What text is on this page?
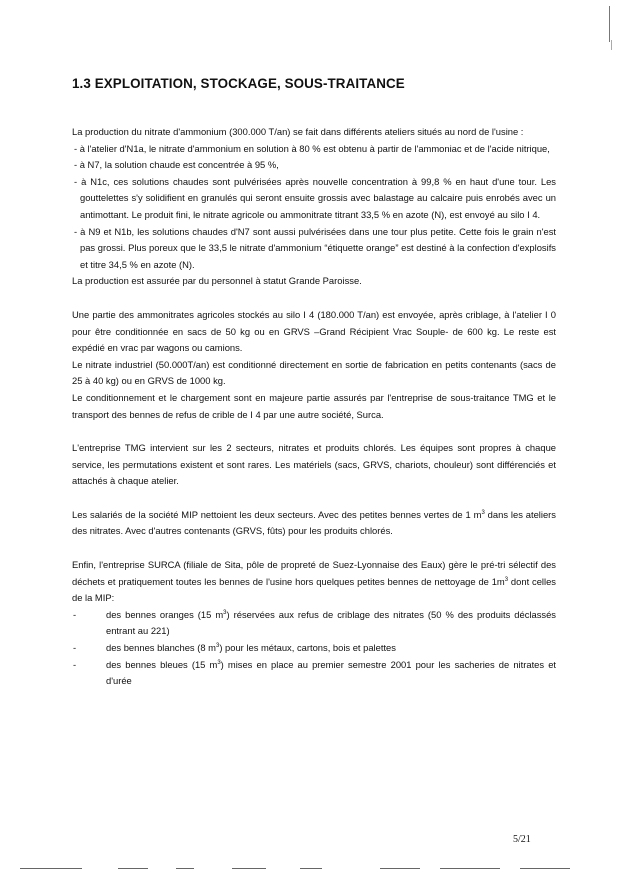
1.3 EXPLOITATION, STOCKAGE, SOUS-TRAITANCE

La production du nitrate d'ammonium (300.000 T/an) se fait dans différents ateliers situés au nord de l'usine :

- à l'atelier d'N1a, le nitrate d'ammonium en solution à 80 % est obtenu à partir de l'ammoniac et de l'acide nitrique,

- à N7, la solution chaude est concentrée à 95 %,

- à N1c, ces solutions chaudes sont pulvérisées après nouvelle concentration à 99,8 % en haut d'une tour. Les gouttelettes s'y solidifient en granulés qui seront ensuite grossis avec balastage au calcaire puis enrobés avec un antimottant. Le produit fini, le nitrate agricole ou ammonitrate titrant 33,5 % en azote (N), est envoyé au silo I 4.

- à N9 et N1b, les solutions chaudes d'N7 sont aussi pulvérisées dans une tour plus petite. Cette fois le grain n'est pas grossi. Plus poreux que le 33,5 le nitrate d'ammonium “étiquette orange” est destiné à la confection d'explosifs et titre 34,5 % en azote (N).

La production est assurée par du personnel à statut Grande Paroisse.

Une partie des ammonitrates agricoles stockés au silo I 4 (180.000 T/an) est envoyée, après criblage, à l'atelier I 0 pour être conditionnée en sacs de 50 kg ou en GRVS –Grand Récipient Vrac Souple- de 600 kg. Le reste est expédié en vrac par wagons ou camions.

Le nitrate industriel (50.000T/an) est conditionné directement en sortie de fabrication en petits contenants (sacs de 25 à 40 kg) ou en GRVS de 1000 kg.

Le conditionnement et le chargement sont en majeure partie assurés par l'entreprise de sous-traitance TMG et le transport des bennes de refus de crible de I 4 par une autre société, Surca.

L'entreprise TMG intervient sur les 2 secteurs, nitrates et produits chlorés. Les équipes sont propres à chaque service, les permutations existent et sont rares. Les matériels (sacs, GRVS, chariots, chouleur) sont différenciés et attachés à chaque atelier.

Les salariés de la société MIP nettoient les deux secteurs. Avec des petites bennes vertes de 1 $m^3$ dans les ateliers des nitrates. Avec d'autres contenants (GRVS, fûts) pour les produits chlorés.

Enfin, l'entreprise SURCA (filiale de Sita, pôle de propreté de Suez-Lyonnaise des Eaux) gère le pré-tri sélectif des déchets et pratiquement toutes les bennes de l'usine hors quelques petites bennes de nettoyage de $1m^3$ dont celles de la MIP:

-	des bennes oranges (15 $m^3$) réservées aux refus de criblage des nitrates (50 % des produits déclassés entrant au 221)
-	des bennes blanches (8 $m^3$) pour les métaux, cartons, bois et palettes
-	des bennes bleues (15 $m^3$) mises en place au premier semestre 2001 pour les sacheries de nitrates et d'urée
5/21
